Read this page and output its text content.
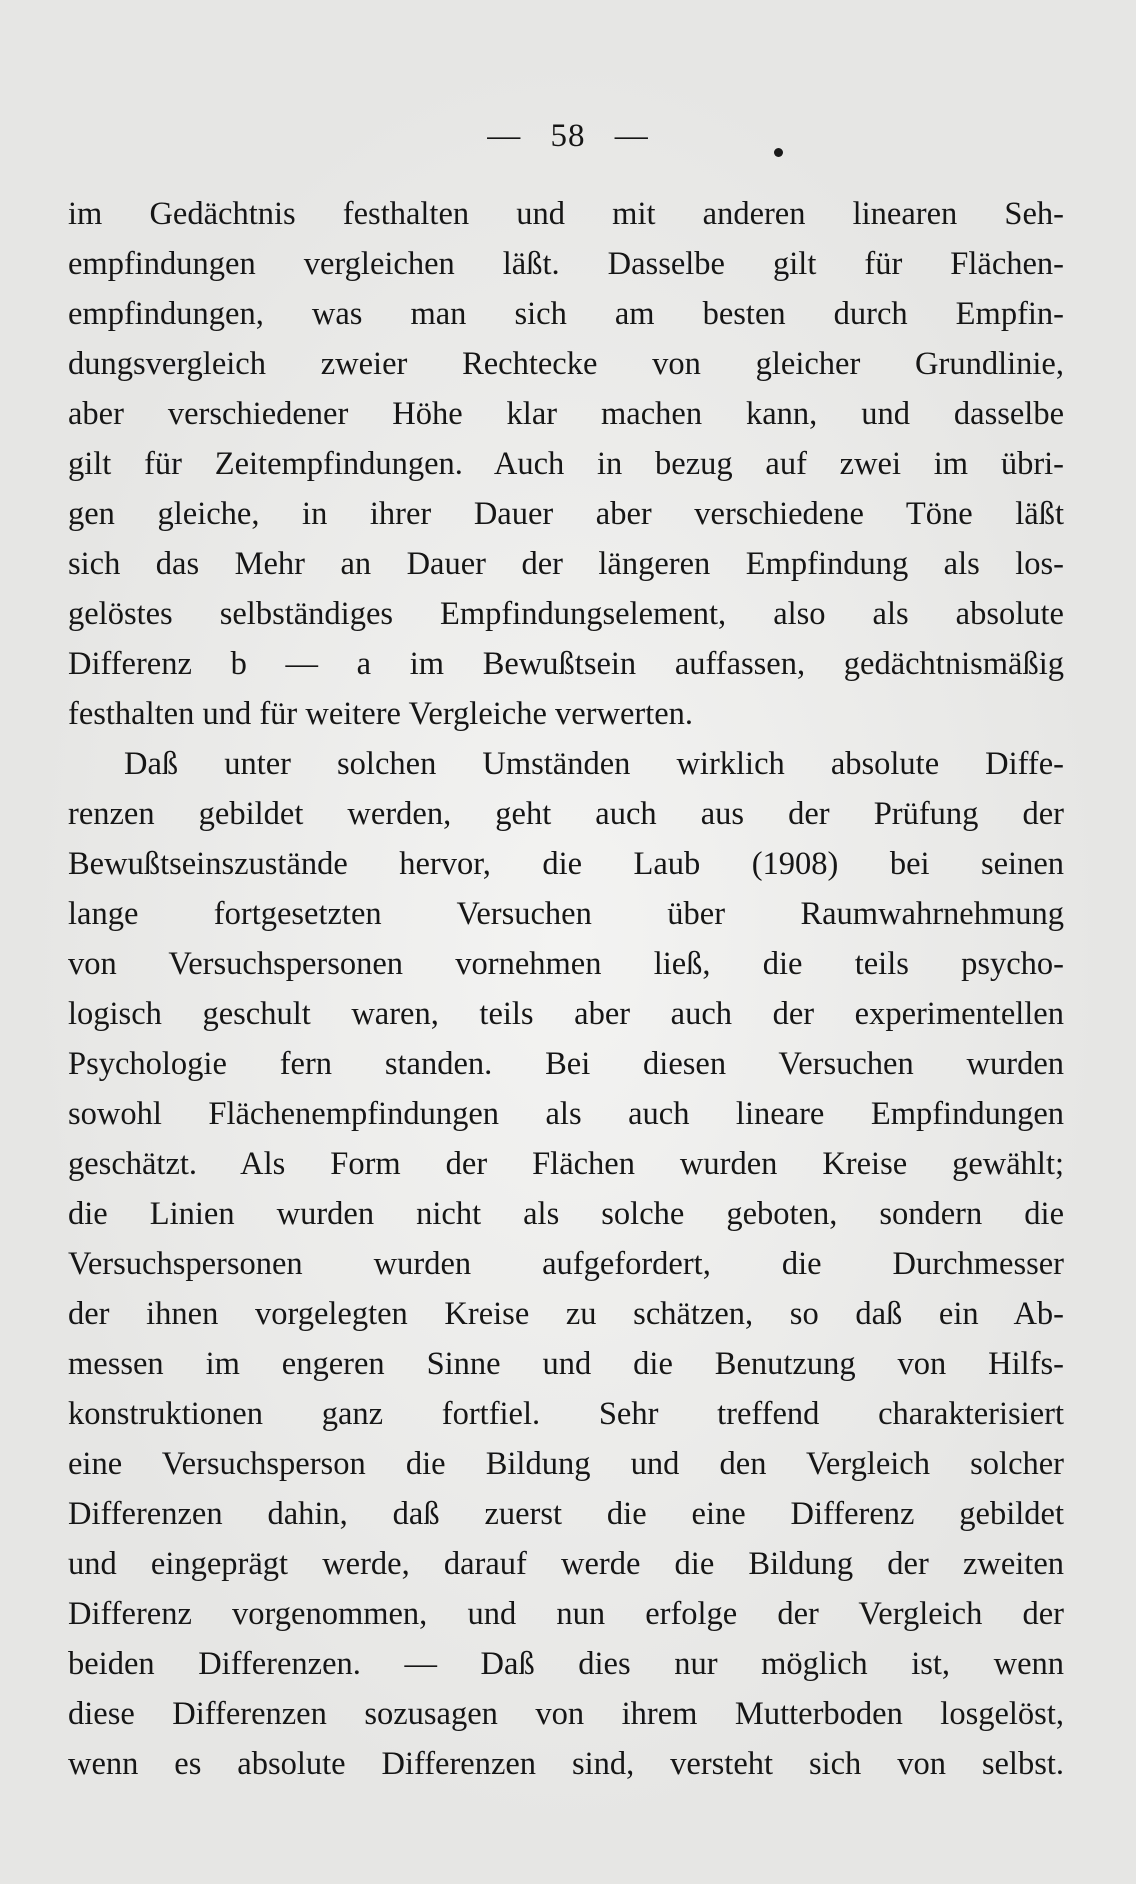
— 58 —
im Gedächtnis festhalten und mit anderen linearen Seh-
empfindungen vergleichen läßt. Dasselbe gilt für Flächen-
empfindungen, was man sich am besten durch Empfin-
dungsvergleich zweier Rechtecke von gleicher Grundlinie,
aber verschiedener Höhe klar machen kann, und dasselbe
gilt für Zeitempfindungen. Auch in bezug auf zwei im übri-
gen gleiche, in ihrer Dauer aber verschiedene Töne läßt
sich das Mehr an Dauer der längeren Empfindung als los-
gelöstes selbständiges Empfindungselement, also als absolute
Differenz b — a im Bewußtsein auffassen, gedächtnismäßig
festhalten und für weitere Vergleiche verwerten.
Daß unter solchen Umständen wirklich absolute Diffe-
renzen gebildet werden, geht auch aus der Prüfung der
Bewußtseinszustände hervor, die Laub (1908) bei seinen
lange fortgesetzten Versuchen über Raumwahrnehmung
von Versuchspersonen vornehmen ließ, die teils psycho-
logisch geschult waren, teils aber auch der experimentellen
Psychologie fern standen. Bei diesen Versuchen wurden
sowohl Flächenempfindungen als auch lineare Empfindungen
geschätzt. Als Form der Flächen wurden Kreise gewählt;
die Linien wurden nicht als solche geboten, sondern die
Versuchspersonen wurden aufgefordert, die Durchmesser
der ihnen vorgelegten Kreise zu schätzen, so daß ein Ab-
messen im engeren Sinne und die Benutzung von Hilfs-
konstruktionen ganz fortfiel. Sehr treffend charakterisiert
eine Versuchsperson die Bildung und den Vergleich solcher
Differenzen dahin, daß zuerst die eine Differenz gebildet
und eingeprägt werde, darauf werde die Bildung der zweiten
Differenz vorgenommen, und nun erfolge der Vergleich der
beiden Differenzen. — Daß dies nur möglich ist, wenn
diese Differenzen sozusagen von ihrem Mutterboden losgelöst,
wenn es absolute Differenzen sind, versteht sich von selbst.
